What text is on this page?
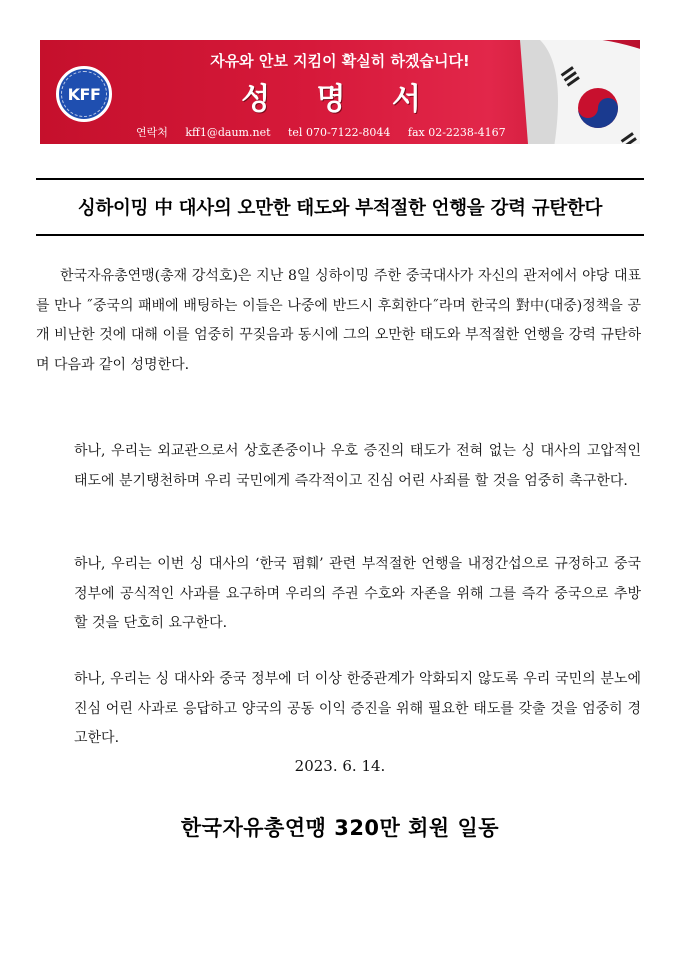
KFF
자유와 안보 지킴이 확실히 하겠습니다!
성 명 서
연락처 kff1@daum.net tel 070-7122-8044 fax 02-2238-4167
싱하이밍 中 대사의 오만한 태도와 부적절한 언행을 강력 규탄한다
한국자유총연맹(총재 강석호)은 지난 8일 싱하이밍 주한 중국대사가 자신의 관저에서 야당 대표를 만나 ˝중국의 패배에 배팅하는 이들은 나중에 반드시 후회한다˝라며 한국의 對中(대중)정책을 공개 비난한 것에 대해 이를 엄중히 꾸짖음과 동시에 그의 오만한 태도와 부적절한 언행을 강력 규탄하며 다음과 같이 성명한다.
하나, 우리는 외교관으로서 상호존중이나 우호 증진의 태도가 전혀 없는 싱 대사의 고압적인 태도에 분기탱천하며 우리 국민에게 즉각적이고 진심 어린 사죄를 할 것을 엄중히 촉구한다.
하나, 우리는 이번 싱 대사의 ‘한국 폄훼’ 관련 부적절한 언행을 내정간섭으로 규정하고 중국 정부에 공식적인 사과를 요구하며 우리의 주권 수호와 자존을 위해 그를 즉각 중국으로 추방할 것을 단호히 요구한다.
하나, 우리는 싱 대사와 중국 정부에 더 이상 한중관계가 악화되지 않도록 우리 국민의 분노에 진심 어린 사과로 응답하고 양국의 공동 이익 증진을 위해 필요한 태도를 갖출 것을 엄중히 경고한다.
2023. 6. 14.
한국자유총연맹 320만 회원 일동
